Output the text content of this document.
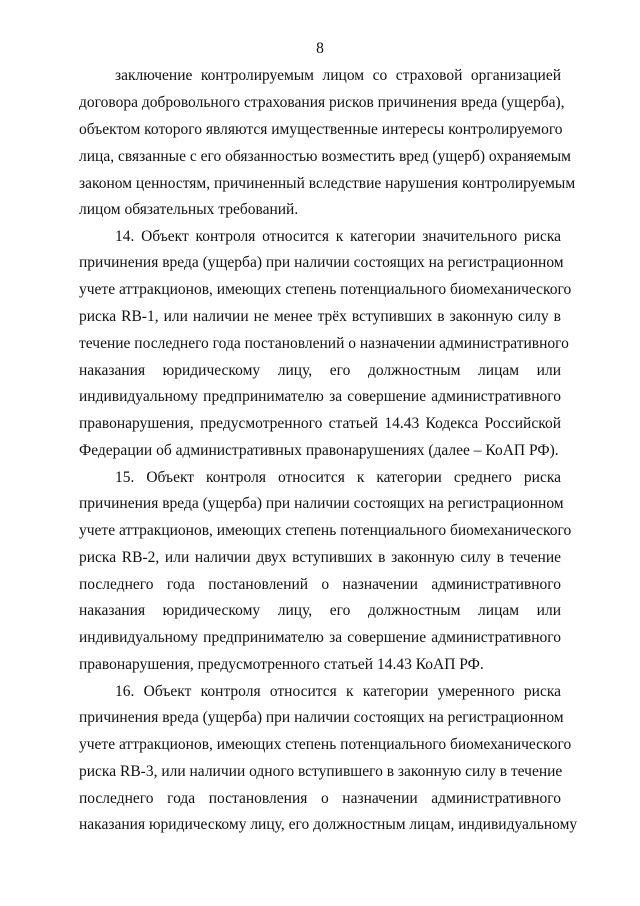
8
заключение контролируемым лицом со страховой организацией
договора добровольного страхования рисков причинения вреда (ущерба),
объектом которого являются имущественные интересы контролируемого
лица, связанные с его обязанностью возместить вред (ущерб) охраняемым
законом ценностям, причиненный вследствие нарушения контролируемым
лицом обязательных требований.
14. Объект контроля относится к категории значительного риска
причинения вреда (ущерба) при наличии состоящих на регистрационном
учете аттракционов, имеющих степень потенциального биомеханического
риска RB-1, или наличии не менее трёх вступивших в законную силу в
течение последнего года постановлений о назначении административного
наказания юридическому лицу, его должностным лицам или
индивидуальному предпринимателю за совершение административного
правонарушения, предусмотренного статьей 14.43 Кодекса Российской
Федерации об административных правонарушениях (далее – КоАП РФ).
15. Объект контроля относится к категории среднего риска
причинения вреда (ущерба) при наличии состоящих на регистрационном
учете аттракционов, имеющих степень потенциального биомеханического
риска RB-2, или наличии двух вступивших в законную силу в течение
последнего года постановлений о назначении административного
наказания юридическому лицу, его должностным лицам или
индивидуальному предпринимателю за совершение административного
правонарушения, предусмотренного статьей 14.43 КоАП РФ.
16. Объект контроля относится к категории умеренного риска
причинения вреда (ущерба) при наличии состоящих на регистрационном
учете аттракционов, имеющих степень потенциального биомеханического
риска RB-3, или наличии одного вступившего в законную силу в течение
последнего года постановления о назначении административного
наказания юридическому лицу, его должностным лицам, индивидуальному
